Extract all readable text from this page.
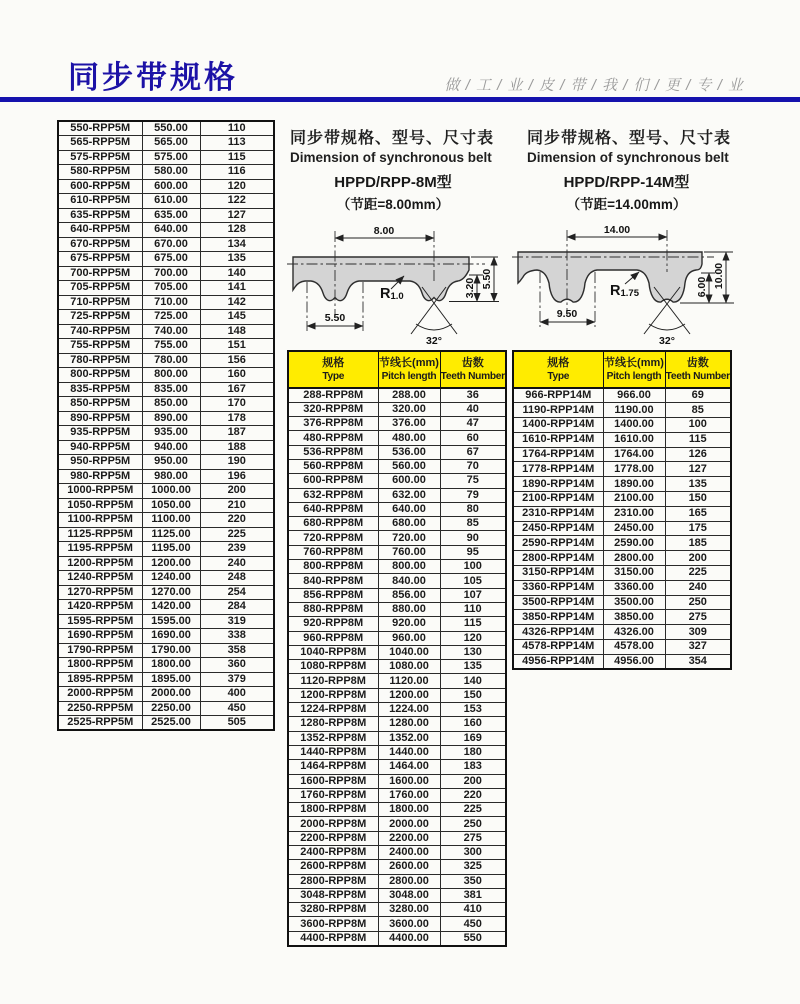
同步带规格	做 / 工 / 业 / 皮 / 带 / 我 / 们 / 更 / 专 / 业
550-RPP5M	550.00	110
565-RPP5M	565.00	113
575-RPP5M	575.00	115
580-RPP5M	580.00	116
600-RPP5M	600.00	120
610-RPP5M	610.00	122
635-RPP5M	635.00	127
640-RPP5M	640.00	128
670-RPP5M	670.00	134
675-RPP5M	675.00	135
700-RPP5M	700.00	140
705-RPP5M	705.00	141
710-RPP5M	710.00	142
725-RPP5M	725.00	145
740-RPP5M	740.00	148
755-RPP5M	755.00	151
780-RPP5M	780.00	156
800-RPP5M	800.00	160
835-RPP5M	835.00	167
850-RPP5M	850.00	170
890-RPP5M	890.00	178
935-RPP5M	935.00	187
940-RPP5M	940.00	188
950-RPP5M	950.00	190
980-RPP5M	980.00	196
1000-RPP5M	1000.00	200
1050-RPP5M	1050.00	210
1100-RPP5M	1100.00	220
1125-RPP5M	1125.00	225
1195-RPP5M	1195.00	239
1200-RPP5M	1200.00	240
1240-RPP5M	1240.00	248
1270-RPP5M	1270.00	254
1420-RPP5M	1420.00	284
1595-RPP5M	1595.00	319
1690-RPP5M	1690.00	338
1790-RPP5M	1790.00	358
1800-RPP5M	1800.00	360
1895-RPP5M	1895.00	379
2000-RPP5M	2000.00	400
2250-RPP5M	2250.00	450
2525-RPP5M	2525.00	505
同步带规格、型号、尺寸表
Dimension of synchronous belt
HPPD/RPP-8M型
（节距=8.00mm）
8.00
5.50
3.20 5.50
R1.0
32°
规格
Type

节线长(mm)
Pitch length

齿数
Teeth Number

288-RPP8M	288.00	36
320-RPP8M	320.00	40
376-RPP8M	376.00	47
480-RPP8M	480.00	60
536-RPP8M	536.00	67
560-RPP8M	560.00	70
600-RPP8M	600.00	75
632-RPP8M	632.00	79
640-RPP8M	640.00	80
680-RPP8M	680.00	85
720-RPP8M	720.00	90
760-RPP8M	760.00	95
800-RPP8M	800.00	100
840-RPP8M	840.00	105
856-RPP8M	856.00	107
880-RPP8M	880.00	110
920-RPP8M	920.00	115
960-RPP8M	960.00	120
1040-RPP8M	1040.00	130
1080-RPP8M	1080.00	135
1120-RPP8M	1120.00	140
1200-RPP8M	1200.00	150
1224-RPP8M	1224.00	153
1280-RPP8M	1280.00	160
1352-RPP8M	1352.00	169
1440-RPP8M	1440.00	180
1464-RPP8M	1464.00	183
1600-RPP8M	1600.00	200
1760-RPP8M	1760.00	220
1800-RPP8M	1800.00	225
2000-RPP8M	2000.00	250
2200-RPP8M	2200.00	275
2400-RPP8M	2400.00	300
2600-RPP8M	2600.00	325
2800-RPP8M	2800.00	350
3048-RPP8M	3048.00	381
3280-RPP8M	3280.00	410
3600-RPP8M	3600.00	450
4400-RPP8M	4400.00	550
同步带规格、型号、尺寸表
Dimension of synchronous belt
HPPD/RPP-14M型
（节距=14.00mm）
14.00
9.50
6.00 10.00
R1.75
32°
规格
Type

节线长(mm)
Pitch length

齿数
Teeth Number

966-RPP14M	966.00	69
1190-RPP14M	1190.00	85
1400-RPP14M	1400.00	100
1610-RPP14M	1610.00	115
1764-RPP14M	1764.00	126
1778-RPP14M	1778.00	127
1890-RPP14M	1890.00	135
2100-RPP14M	2100.00	150
2310-RPP14M	2310.00	165
2450-RPP14M	2450.00	175
2590-RPP14M	2590.00	185
2800-RPP14M	2800.00	200
3150-RPP14M	3150.00	225
3360-RPP14M	3360.00	240
3500-RPP14M	3500.00	250
3850-RPP14M	3850.00	275
4326-RPP14M	4326.00	309
4578-RPP14M	4578.00	327
4956-RPP14M	4956.00	354
